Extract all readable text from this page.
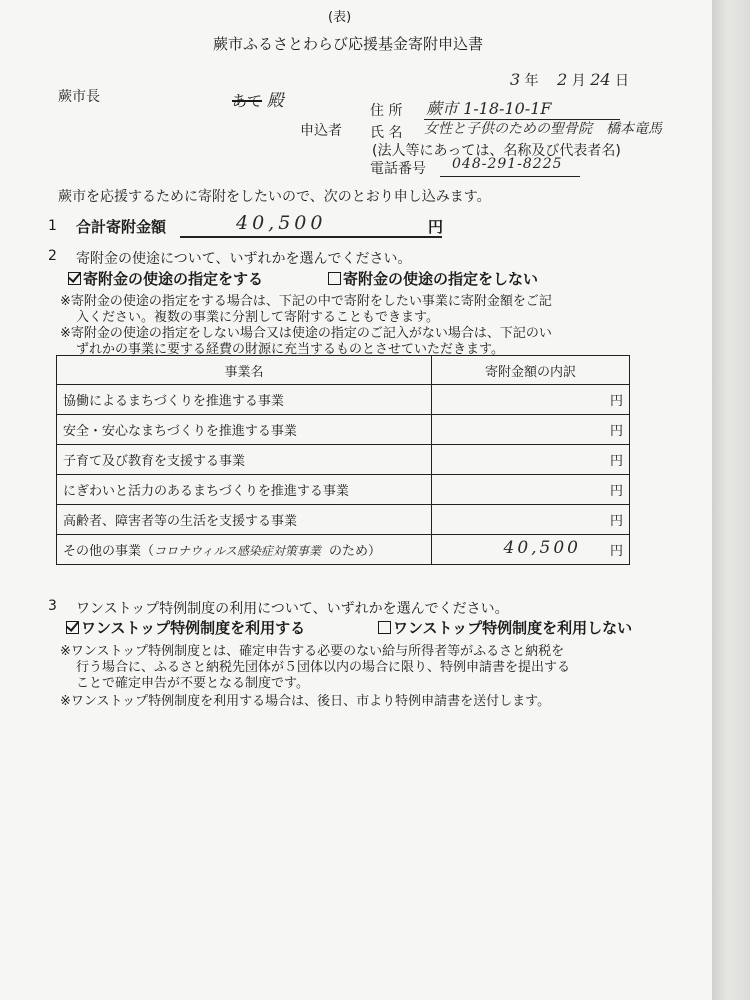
(表)
蕨市ふるさとわらび応援基金寄附申込書
3 年 2 月 24 日
蕨市長	あて 殿
申込者
住 所 蕨市 1-18-10-1F
氏 名 女性と子供のための聖骨院　橋本竜馬
(法人等にあっては、名称及び代表者名)
電話番号 048-291-8225
蕨市を応援するために寄附をしたいので、次のとおり申し込みます。
1 合計寄附金額	40,500	円
2 寄附金の使途について、いずれかを選んでください。
寄附金の使途の指定をする	寄附金の使途の指定をしない
※寄附金の使途の指定をする場合は、下記の中で寄附をしたい事業に寄附金額をご記
入ください。複数の事業に分割して寄附することもできます。
※寄附金の使途の指定をしない場合又は使途の指定のご記入がない場合は、下記のい
ずれかの事業に要する経費の財源に充当するものとさせていただきます。
事業名	寄附金額の内訳
協働によるまちづくりを推進する事業	円
安全・安心なまちづくりを推進する事業	円
子育て及び教育を支援する事業	円
にぎわいと活力のあるまちづくりを推進する事業	円
高齢者、障害者等の生活を支援する事業	円
その他の事業（コロナウィルス感染症対策事業 のため）	40,500 円
3 ワンストップ特例制度の利用について、いずれかを選んでください。
ワンストップ特例制度を利用する	ワンストップ特例制度を利用しない
※ワンストップ特例制度とは、確定申告する必要のない給与所得者等がふるさと納税を
行う場合に、ふるさと納税先団体が５団体以内の場合に限り、特例申請書を提出する
ことで確定申告が不要となる制度です。
※ワンストップ特例制度を利用する場合は、後日、市より特例申請書を送付します。
